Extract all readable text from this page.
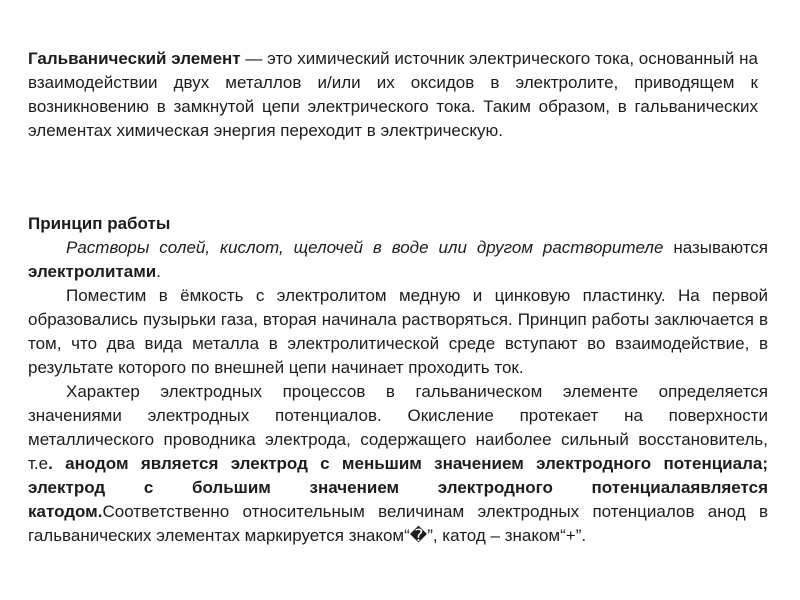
Гальванический элемент — это химический источник электрического тока, основанный на взаимодействии двух металлов и/или их оксидов в электролите, приводящем к возникновению в замкнутой цепи электрического тока. Таким образом, в гальванических элементах химическая энергия переходит в электрическую.

Принцип работы

Растворы солей, кислот, щелочей в воде или другом растворителе называются электролитами.

Поместим в ёмкость с электролитом медную и цинковую пластинку. На первой образовались пузырьки газа, вторая начинала растворяться. Принцип работы заключается в том, что два вида металла в электролитической среде вступают во взаимодействие, в результате которого по внешней цепи начинает проходить ток.

Характер электродных процессов в гальваническом элементе определяется значениями электродных потенциалов. Окисление протекает на поверхности металлического проводника электрода, содержащего наиболее сильный восстановитель, т.е. анодом является электрод с меньшим значением электродного потенциала; электрод с большим значением электродного потенциалаявляется катодом.Соответственно относительным величинам электродных потенциалов анод в гальванических элементах маркируется знаком“�”, катод – знаком“+”.
